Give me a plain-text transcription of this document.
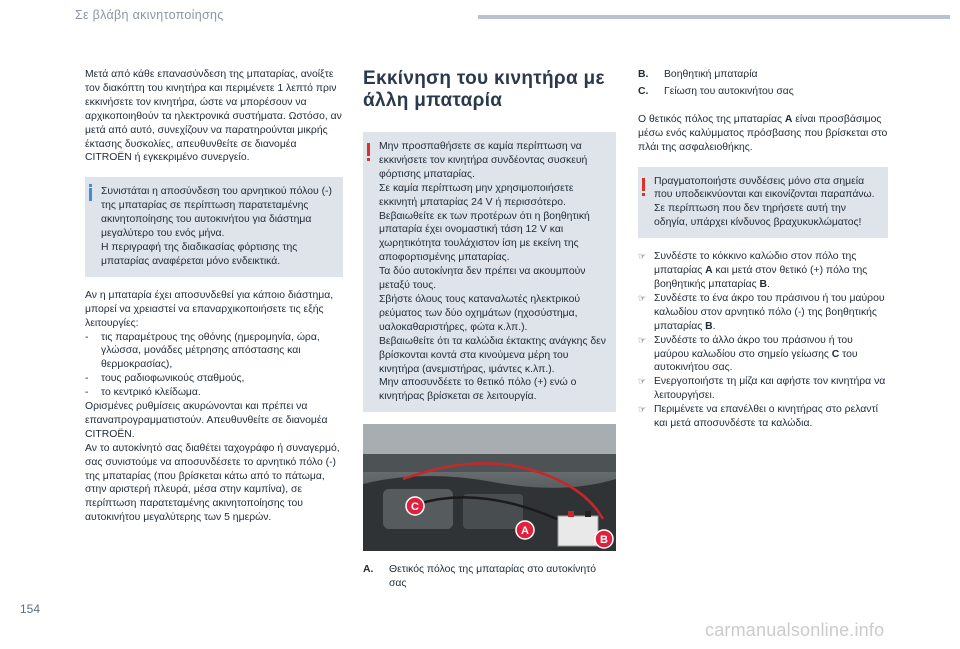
Σε βλάβη ακινητοποίησης

Μετά από κάθε επανασύνδεση της μπαταρίας, ανοίξτε τον διακόπτη του κινητήρα και περιμένετε 1 λεπτό πριν εκκινήσετε τον κινητήρα, ώστε να μπορέσουν να αρχικοποιηθούν τα ηλεκτρονικά συστήματα. Ωστόσο, αν μετά από αυτό, συνεχίζουν να παρατηρούνται μικρής έκτασης δυσκολίες, απευθυνθείτε σε διανομέα CITROËN ή εγκεκριμένο συνεργείο.

Συνιστάται η αποσύνδεση του αρνητικού πόλου (-) της μπαταρίας σε περίπτωση παρατεταμένης ακινητοποίησης του αυτοκινήτου για διάστημα μεγαλύτερο του ενός μήνα.
Η περιγραφή της διαδικασίας φόρτισης της μπαταρίας αναφέρεται μόνο ενδεικτικά.

Αν η μπαταρία έχει αποσυνδεθεί για κάποιο διάστημα, μπορεί να χρειαστεί να επαναρχικοποιήσετε τις εξής λειτουργίες:

- τις παραμέτρους της οθόνης (ημερομηνία, ώρα, γλώσσα, μονάδες μέτρησης απόστασης και θερμοκρασίας),
- τους ραδιοφωνικούς σταθμούς,
- το κεντρικό κλείδωμα.

Ορισμένες ρυθμίσεις ακυρώνονται και πρέπει να επαναπρογραμματιστούν. Απευθυνθείτε σε διανομέα CITROËN.
Αν το αυτοκίνητό σας διαθέτει ταχογράφο ή συναγερμό, σας συνιστούμε να αποσυνδέσετε το αρνητικό πόλο (-) της μπαταρίας (που βρίσκεται κάτω από το πάτωμα, στην αριστερή πλευρά, μέσα στην καμπίνα), σε περίπτωση παρατεταμένης ακινητοποίησης του αυτοκινήτου μεγαλύτερης των 5 ημερών.

Εκκίνηση του κινητήρα με άλλη μπαταρία
Μην προσπαθήσετε σε καμία περίπτωση να εκκινήσετε τον κινητήρα συνδέοντας συσκευή φόρτισης μπαταρίας.
Σε καμία περίπτωση μην χρησιμοποιήσετε εκκινητή μπαταρίας 24 V ή περισσότερο.
Βεβαιωθείτε εκ των προτέρων ότι η βοηθητική μπαταρία έχει ονομαστική τάση 12 V και χωρητικότητα τουλάχιστον ίση με εκείνη της αποφορτισμένης μπαταρίας.
Τα δύο αυτοκίνητα δεν πρέπει να ακουμπούν μεταξύ τους.
Σβήστε όλους τους καταναλωτές ηλεκτρικού ρεύματος των δύο οχημάτων (ηχοσύστημα, υαλοκαθαριστήρες, φώτα κ.λπ.).
Βεβαιωθείτε ότι τα καλώδια έκτακτης ανάγκης δεν βρίσκονται κοντά στα κινούμενα μέρη του κινητήρα (ανεμιστήρας, ιμάντες κ.λπ.).
Μην αποσυνδέετε το θετικό πόλο (+) ενώ ο κινητήρας βρίσκεται σε λειτουργία.
C
A
B
A.	Θετικός πόλος της μπαταρίας στο αυτοκίνητό σας
B.	Βοηθητική μπαταρία
C.	Γείωση του αυτοκινήτου σας

Ο θετικός πόλος της μπαταρίας A είναι προσβάσιμος μέσω ενός καλύμματος πρόσβασης που βρίσκεται στο πλάι της ασφαλειοθήκης.

Πραγματοποιήστε συνδέσεις μόνο στα σημεία που υποδεικνύονται και εικονίζονται παραπάνω.
Σε περίπτωση που δεν τηρήσετε αυτή την οδηγία, υπάρχει κίνδυνος βραχυκυκλώματος!
☞ Συνδέστε το κόκκινο καλώδιο στον πόλο της μπαταρίας A και μετά στον θετικό (+) πόλο της βοηθητικής μπαταρίας B.
☞ Συνδέστε το ένα άκρο του πράσινου ή του μαύρου καλωδίου στον αρνητικό πόλο (-) της βοηθητικής μπαταρίας B.
☞ Συνδέστε το άλλο άκρο του πράσινου ή του μαύρου καλωδίου στο σημείο γείωσης C του αυτοκινήτου σας.
☞ Ενεργοποιήστε τη μίζα και αφήστε τον κινητήρα να λειτουργήσει.
☞ Περιμένετε να επανέλθει ο κινητήρας στο ρελαντί και μετά αποσυνδέστε τα καλώδια.
154
carmanualsonline.info
